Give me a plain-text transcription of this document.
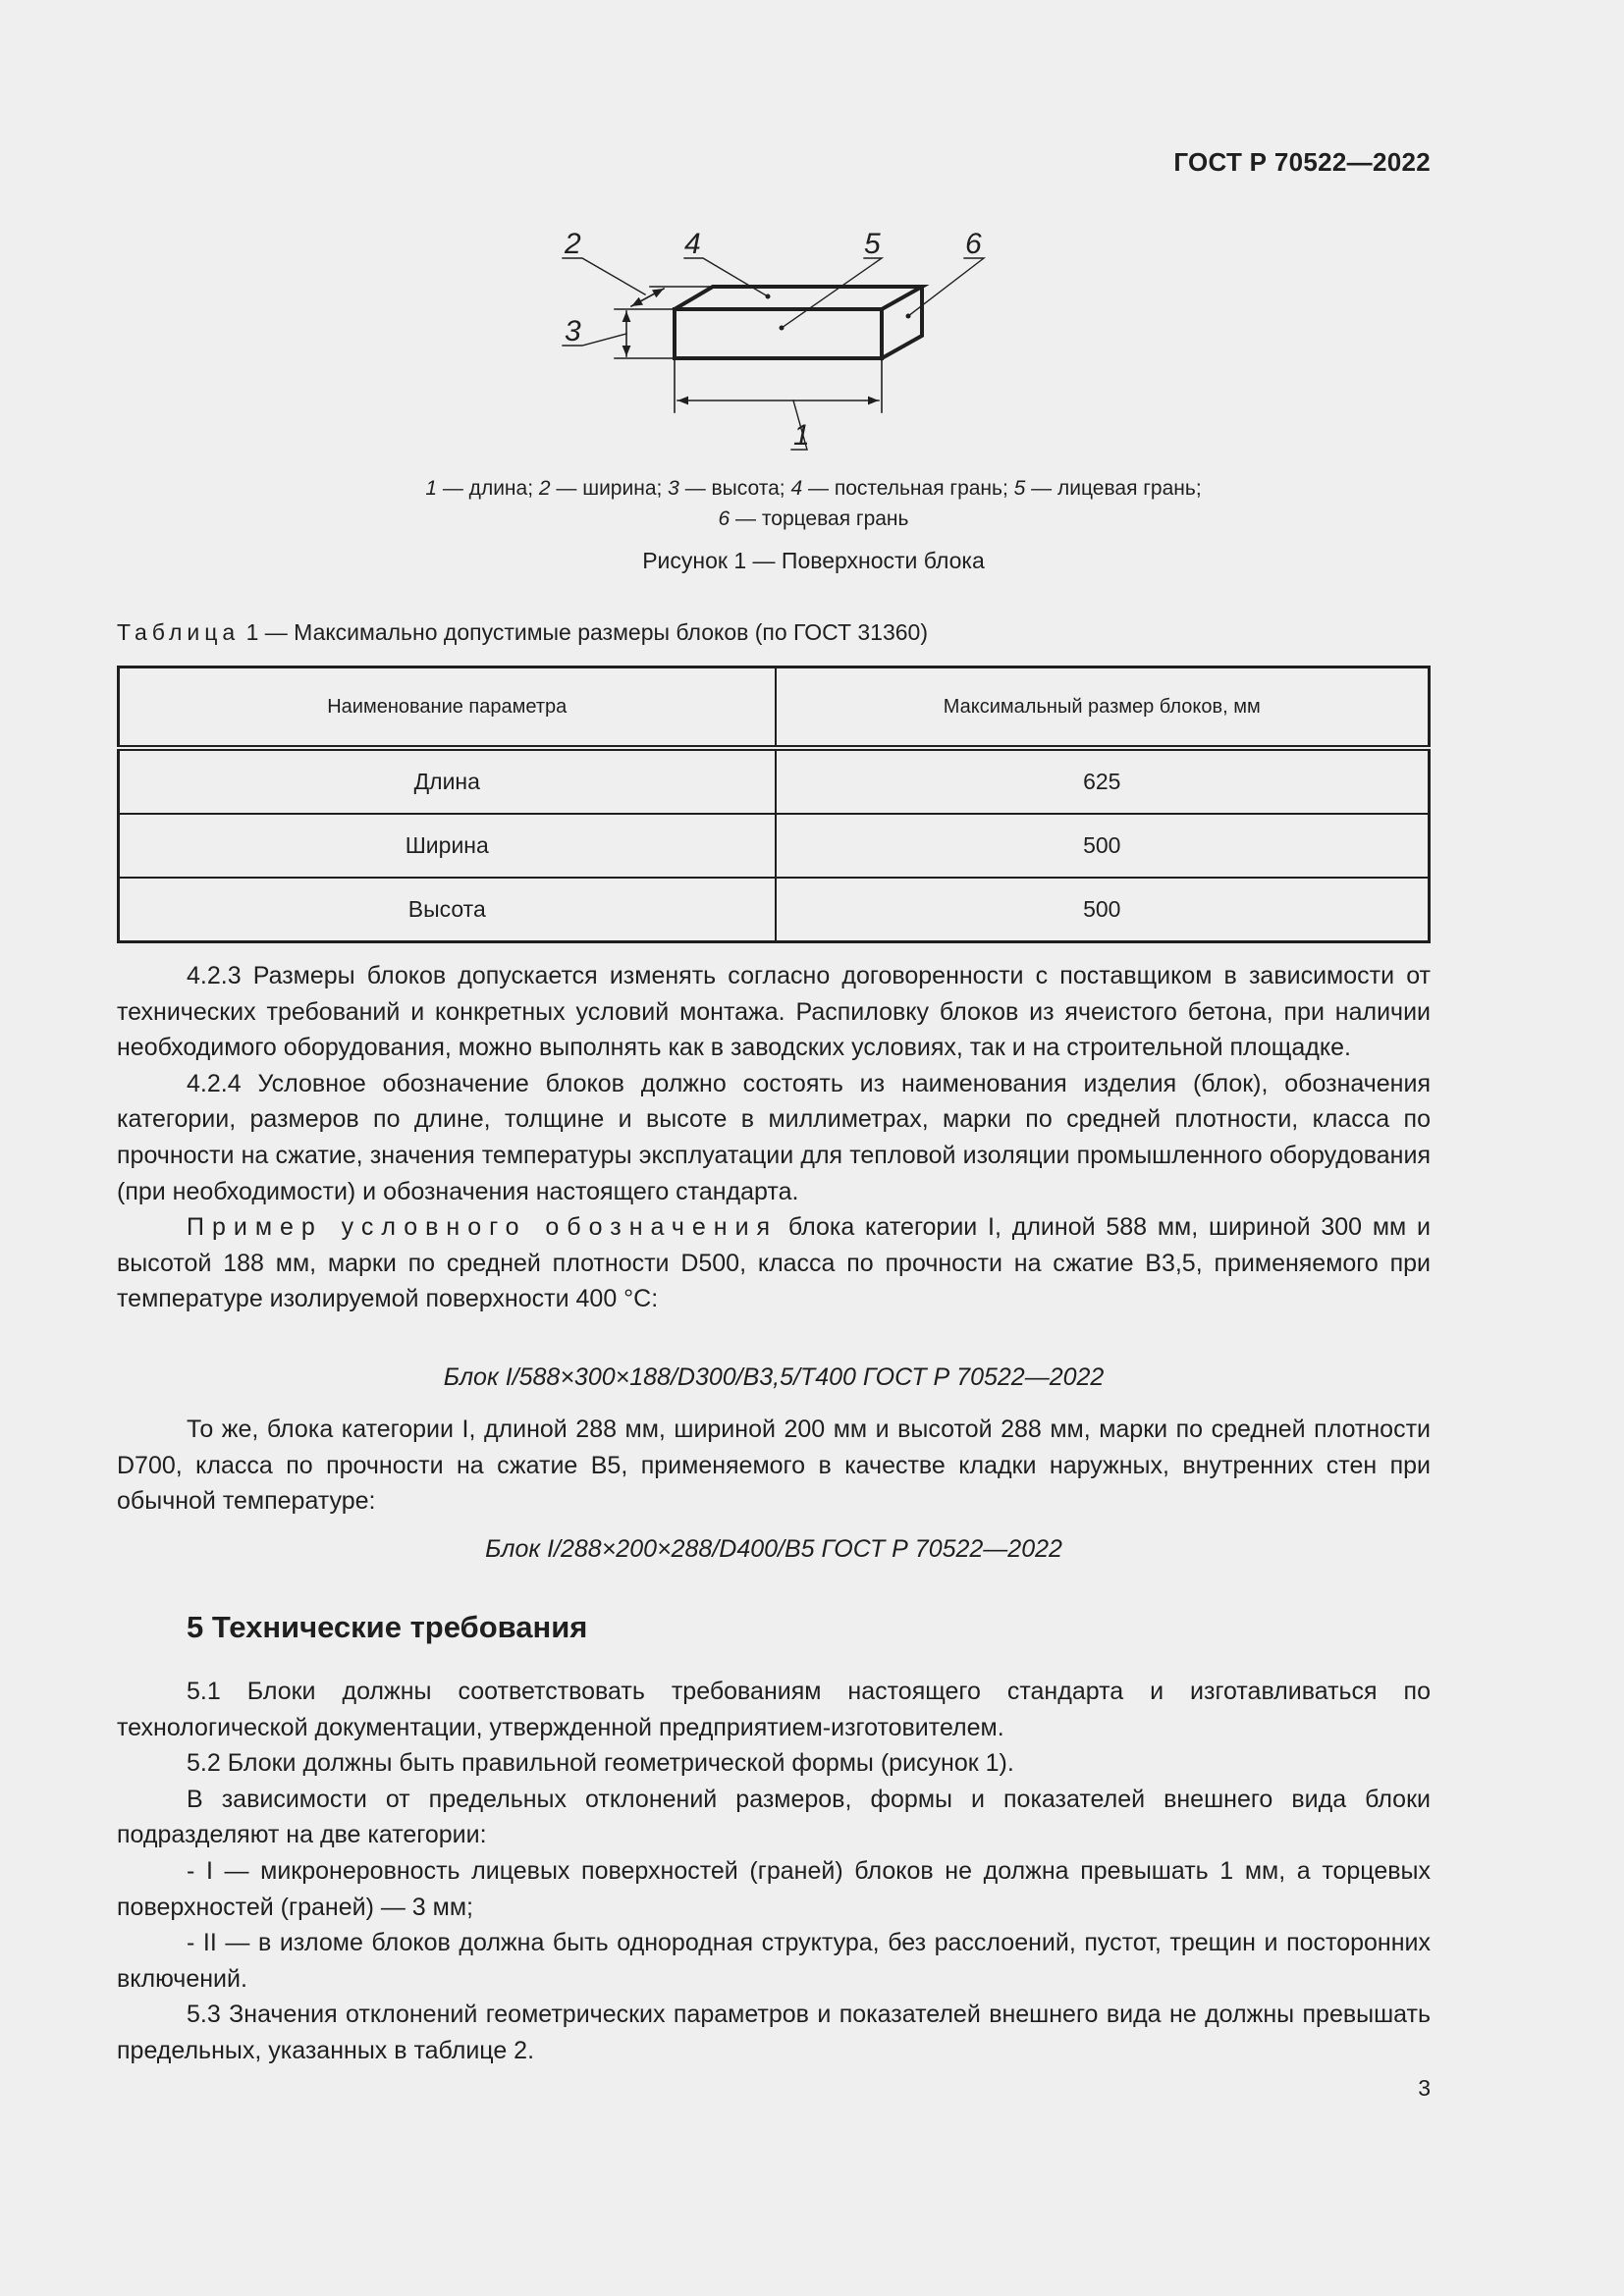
ГОСТ Р 70522—2022
2
3
4	5	6
1
1 — длина; 2 — ширина; 3 — высота; 4 — постельная грань; 5 — лицевая грань;
6 — торцевая грань
Рисунок 1 — Поверхности блока
Таблица 1 — Максимально допустимые размеры блоков (по ГОСТ 31360)
Наименование параметра	Максимальный размер блоков, мм
Длина	625
Ширина	500
Высота	500

4.2.3 Размеры блоков допускается изменять согласно договоренности с поставщиком в зависимости от технических требований и конкретных условий монтажа. Распиловку блоков из ячеистого бетона, при наличии необходимого оборудования, можно выполнять как в заводских условиях, так и на строительной площадке.

4.2.4 Условное обозначение блоков должно состоять из наименования изделия (блок), обозначения категории, размеров по длине, толщине и высоте в миллиметрах, марки по средней плотности, класса по прочности на сжатие, значения температуры эксплуатации для тепловой изоляции промышленного оборудования (при необходимости) и обозначения настоящего стандарта.

Пример условного обозначения блока категории I, длиной 588 мм, шириной 300 мм и высотой 188 мм, марки по средней плотности D500, класса по прочности на сжатие B3,5, применяемого при температуре изолируемой поверхности 400 °С:

Блок I/588×300×188/D300/B3,5/T400 ГОСТ Р 70522—2022

То же, блока категории I, длиной 288 мм, шириной 200 мм и высотой 288 мм, марки по средней плотности D700, класса по прочности на сжатие B5, применяемого в качестве кладки наружных, внутренних стен при обычной температуре:

Блок I/288×200×288/D400/B5 ГОСТ Р 70522—2022
5 Технические требования

5.1 Блоки должны соответствовать требованиям настоящего стандарта и изготавливаться по технологической документации, утвержденной предприятием-изготовителем.

5.2 Блоки должны быть правильной геометрической формы (рисунок 1).

В зависимости от предельных отклонений размеров, формы и показателей внешнего вида блоки подразделяют на две категории:

- I — микронеровность лицевых поверхностей (граней) блоков не должна превышать 1 мм, а торцевых поверхностей (граней) — 3 мм;

- II — в изломе блоков должна быть однородная структура, без расслоений, пустот, трещин и посторонних включений.

5.3 Значения отклонений геометрических параметров и показателей внешнего вида не должны превышать предельных, указанных в таблице 2.

3
